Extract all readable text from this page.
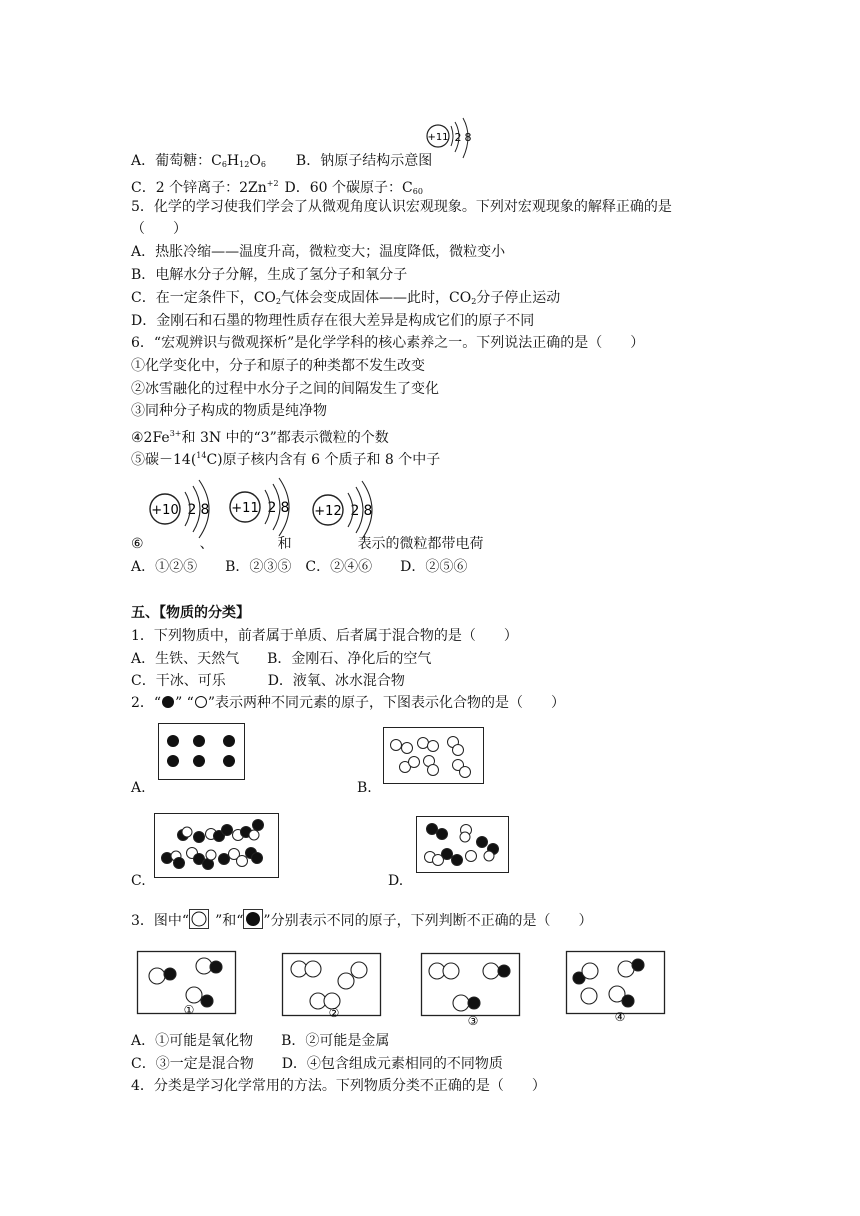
+11 2 8
A．葡萄糖：$C_6H_{12}O_6$ B．钠原子结构示意图
C．2 个锌离子：$2Zn^{+2}$ D．60 个碳原子：$C_{60}$
5．化学的学习使我们学会了从微观角度认识宏观现象。下列对宏观现象的解释正确的是
（　　）
A．热胀冷缩——温度升高，微粒变大；温度降低，微粒变小
B．电解水分子分解，生成了氢分子和氧分子
C．在一定条件下，$CO_2$气体会变成固体——此时，$CO_2$分子停止运动
D．金刚石和石墨的物理性质存在很大差异是构成它们的原子不同
6．“宏观辨识与微观探析”是化学学科的核心素养之一。下列说法正确的是（　　）
①化学变化中，分子和原子的种类都不发生改变
②冰雪融化的过程中水分子之间的间隔发生了变化
③同种分子构成的物质是纯净物
$④2Fe^{3+}$和 3N 中的“3”都表示微粒的个数
⑤碳－14($^{14}$C)原子核内含有 6 个质子和 8 个中子
+10 2 8 +11 2 8 +12 2 8
⑥	、	和	表示的微粒都带电荷
A．①②⑤　　B．②③⑤　C．②④⑥　　D．②⑤⑥
五、【物质的分类】
1．下列物质中，前者属于单质、后者属于混合物的是（　　）
A．生铁、天然气　　B．金刚石、净化后的空气
C．干冰、可乐　　　D．液氧、冰水混合物
2．“ ” “ ”表示两种不同元素的原子，下图表示化合物的是（　　）
A.	B.
C.	D.
3．图中“ ”和“ ”分别表示不同的原子，下列判断不正确的是（　　）
①	②
③	④
A．①可能是氧化物　　B．②可能是金属
C．③一定是混合物　　D．④包含组成元素相同的不同物质
4．分类是学习化学常用的方法。下列物质分类不正确的是（　　）
